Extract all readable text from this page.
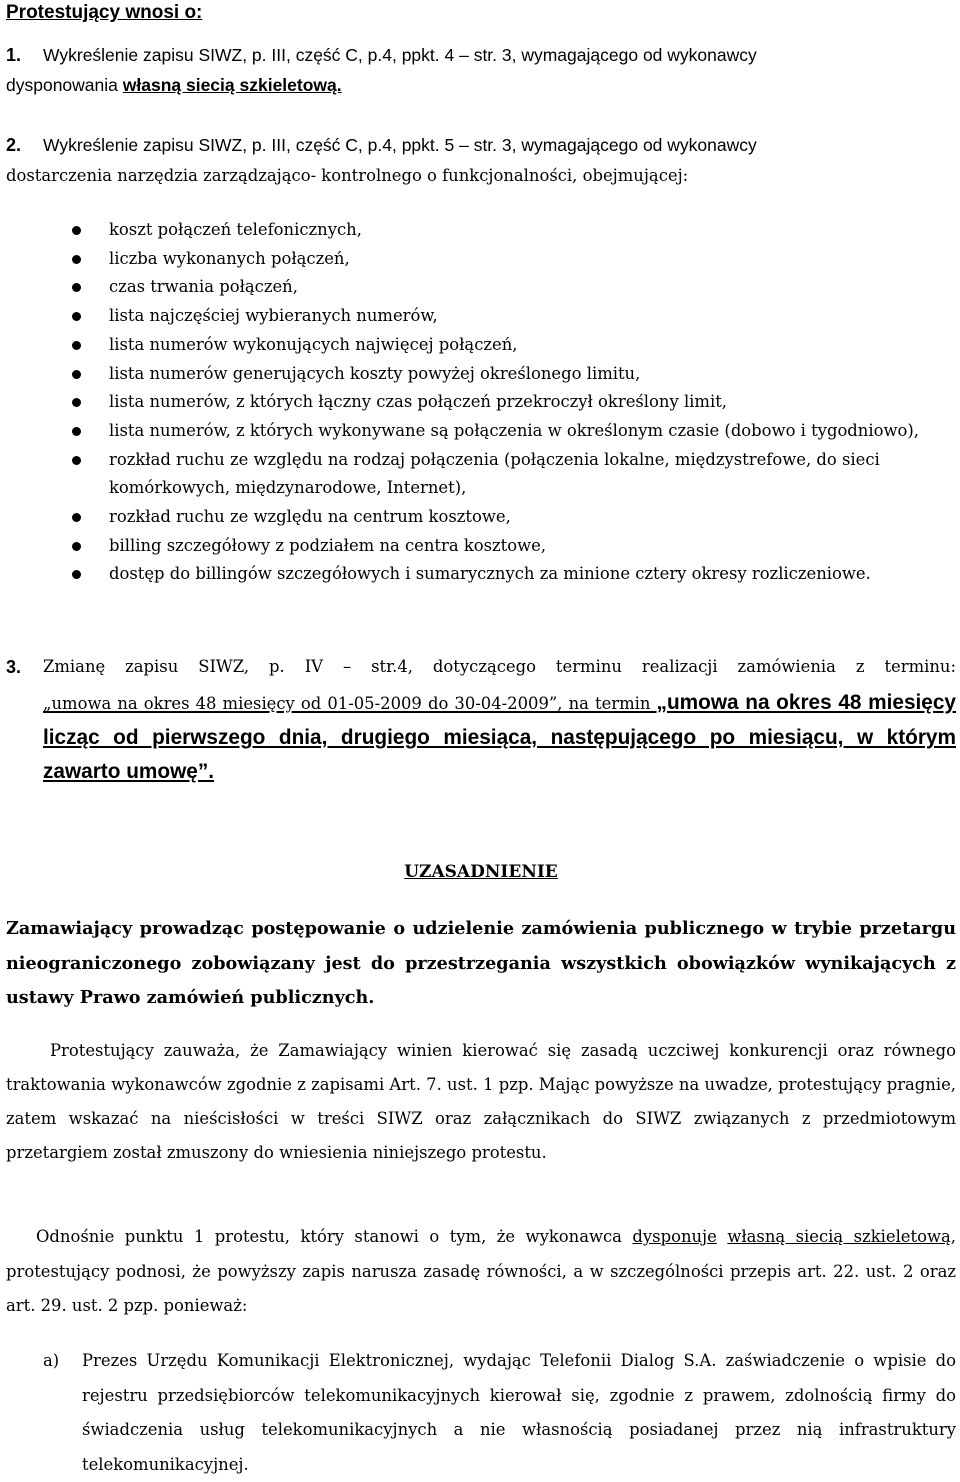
Protestujący wnosi o:
1. Wykreślenie zapisu SIWZ, p. III, część C, p.4, ppkt. 4 – str. 3, wymagającego od wykonawcy
dysponowania własną siecią szkieletową.
2. Wykreślenie zapisu SIWZ, p. III, część C, p.4, ppkt. 5 – str. 3, wymagającego od wykonawcy
dostarczenia narzędzia zarządzająco- kontrolnego o funkcjonalności, obejmującej:
koszt połączeń telefonicznych,
liczba wykonanych połączeń,
czas trwania połączeń,
lista najczęściej wybieranych numerów,
lista numerów wykonujących najwięcej połączeń,
lista numerów generujących koszty powyżej określonego limitu,
lista numerów, z których łączny czas połączeń przekroczył określony limit,
lista numerów, z których wykonywane są połączenia w określonym czasie (dobowo i tygodniowo),
rozkład ruchu ze względu na rodzaj połączenia (połączenia lokalne, międzystrefowe, do sieci komórkowych, międzynarodowe, Internet),
rozkład ruchu ze względu na centrum kosztowe,
billing szczegółowy z podziałem na centra kosztowe,
dostęp do billingów szczegółowych i sumarycznych za minione cztery okresy rozliczeniowe.
3. Zmianę zapisu SIWZ, p. IV – str.4, dotyczącego terminu realizacji zamówienia z terminu:
„umowa na okres 48 miesięcy od 01-05-2009 do 30-04-2009”, na termin „umowa na okres 48 miesięcy licząc od pierwszego dnia, drugiego miesiąca, następującego po miesiącu, w którym zawarto umowę”.
UZASADNIENIE
Zamawiający prowadząc postępowanie o udzielenie zamówienia publicznego w trybie przetargu nieograniczonego zobowiązany jest do przestrzegania wszystkich obowiązków wynikających z ustawy Prawo zamówień publicznych.
Protestujący zauważa, że Zamawiający winien kierować się zasadą uczciwej konkurencji oraz równego traktowania wykonawców zgodnie z zapisami Art. 7. ust. 1 pzp. Mając powyższe na uwadze, protestujący pragnie, zatem wskazać na nieścisłości w treści SIWZ oraz załącznikach do SIWZ związanych z przedmiotowym przetargiem został zmuszony do wniesienia niniejszego protestu.
Odnośnie punktu 1 protestu, który stanowi o tym, że wykonawca dysponuje własną siecią szkieletową, protestujący podnosi, że powyższy zapis narusza zasadę równości, a w szczególności przepis art. 22. ust. 2 oraz art. 29. ust. 2 pzp. ponieważ:
a) Prezes Urzędu Komunikacji Elektronicznej, wydając Telefonii Dialog S.A. zaświadczenie o wpisie do rejestru przedsiębiorców telekomunikacyjnych kierował się, zgodnie z prawem, zdolnością firmy do świadczenia usług telekomunikacyjnych a nie własnością posiadanej przez nią infrastruktury telekomunikacyjnej.
